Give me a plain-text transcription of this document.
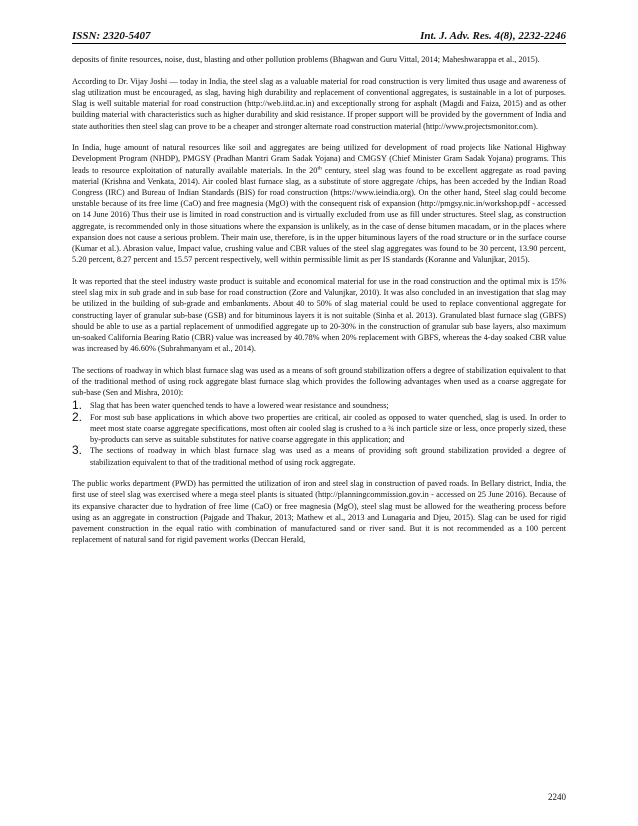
ISSN: 2320-5407	Int. J. Adv. Res. 4(8), 2232-2246

deposits of finite resources, noise, dust, blasting and other pollution problems (Bhagwan and Guru Vittal, 2014; Maheshwarappa et al., 2015).

According to Dr. Vijay Joshi — today in India, the steel slag as a valuable material for road construction is very limited thus usage and awareness of slag utilization must be encouraged, as slag, having high durability and replacement of conventional aggregates, is sustainable in a lot of purposes. Slag is well suitable material for road construction (http://web.iitd.ac.in) and exceptionally strong for asphalt (Magdi and Faiza, 2015) and as other building material with characteristics such as higher durability and skid resistance. If proper support will be provided by the government of India and state authorities then steel slag can prove to be a cheaper and stronger alternate road construction material (http://www.projectsmonitor.com).

In India, huge amount of natural resources like soil and aggregates are being utilized for development of road projects like National Highway Development Program (NHDP), PMGSY (Pradhan Mantri Gram Sadak Yojana) and CMGSY (Chief Minister Gram Sadak Yojana) programs. This leads to resource exploitation of naturally available materials. In the 20th century, steel slag was found to be excellent aggregate as road paving material (Krishna and Venkata, 2014). Air cooled blast furnace slag, as a substitute of store aggregate /chips, has been acceded by the Indian Road Congress (IRC) and Bureau of Indian Standards (BIS) for road construction (https://www.ieindia.org). On the other hand, Steel slag could become unstable because of its free lime (CaO) and free magnesia (MgO) with the consequent risk of expansion (http://pmgsy.nic.in/workshop.pdf - accessed on 14 June 2016) Thus their use is limited in road construction and is virtually excluded from use as fill under structures. Steel slag, as construction aggregate, is recommended only in those situations where the expansion is unlikely, as in the case of dense bitumen macadam, or in the places where expansion does not cause a serious problem. Their main use, therefore, is in the upper bituminous layers of the road structure or in the surface course (Kumar et al.). Abrasion value, Impact value, crushing value and CBR values of the steel slag aggregates was found to be 30 percent, 13.90 percent, 5.20 percent, 8.27 percent and 15.57 percent respectively, well within permissible limit as per IS standards (Koranne and Valunjkar, 2015).

It was reported that the steel industry waste product is suitable and economical material for use in the road construction and the optimal mix is 15% steel slag mix in sub grade and in sub base for road construction (Zore and Valunjkar, 2010). It was also concluded in an investigation that slag may be utilized in the building of sub-grade and embankments. About 40 to 50% of slag material could be used to replace conventional aggregate for constructing layer of granular sub-base (GSB) and for bituminous layers it is not suitable (Sinha et al. 2013). Granulated blast furnace slag (GBFS) should be able to use as a partial replacement of unmodified aggregate up to 20-30% in the construction of granular sub base layers, also maximum un-soaked California Bearing Ratio (CBR) value was increased by 40.78% when 20% replacement with GBFS, whereas the 4-day soaked CBR value was increased by 46.60% (Subrahmanyam et al., 2014).

The sections of roadway in which blast furnace slag was used as a means of soft ground stabilization offers a degree of stabilization equivalent to that of the traditional method of using rock aggregate blast furnace slag which provides the following advantages when used as a coarse aggregate for sub-base (Sen and Mishra, 2010):

1. Slag that has been water quenched tends to have a lowered wear resistance and soundness;
2. For most sub base applications in which above two properties are critical, air cooled as opposed to water quenched, slag is used. In order to meet most state coarse aggregate specifications, most often air cooled slag is crushed to a ¾ inch particle size or less, once properly sized, these by-products can serve as suitable substitutes for native coarse aggregate in this application; and
3. The sections of roadway in which blast furnace slag was used as a means of providing soft ground stabilization provided a degree of stabilization equivalent to that of the traditional method of using rock aggregate.

The public works department (PWD) has permitted the utilization of iron and steel slag in construction of paved roads. In Bellary district, India, the first use of steel slag was exercised where a mega steel plants is situated (http://planningcommission.gov.in - accessed on 25 June 2016). Because of its expansive character due to hydration of free lime (CaO) or free magnesia (MgO), steel slag must be allowed for the weathering process before using as an aggregate in construction (Pajgade and Thakur, 2013; Mathew et al., 2013 and Lunagaria and Djeu, 2015). Slag can be used for rigid pavement construction in the equal ratio with combination of manufactured sand or river sand. But it is not recommended as a 100 percent replacement of natural sand for rigid pavement works (Deccan Herald,

2240
